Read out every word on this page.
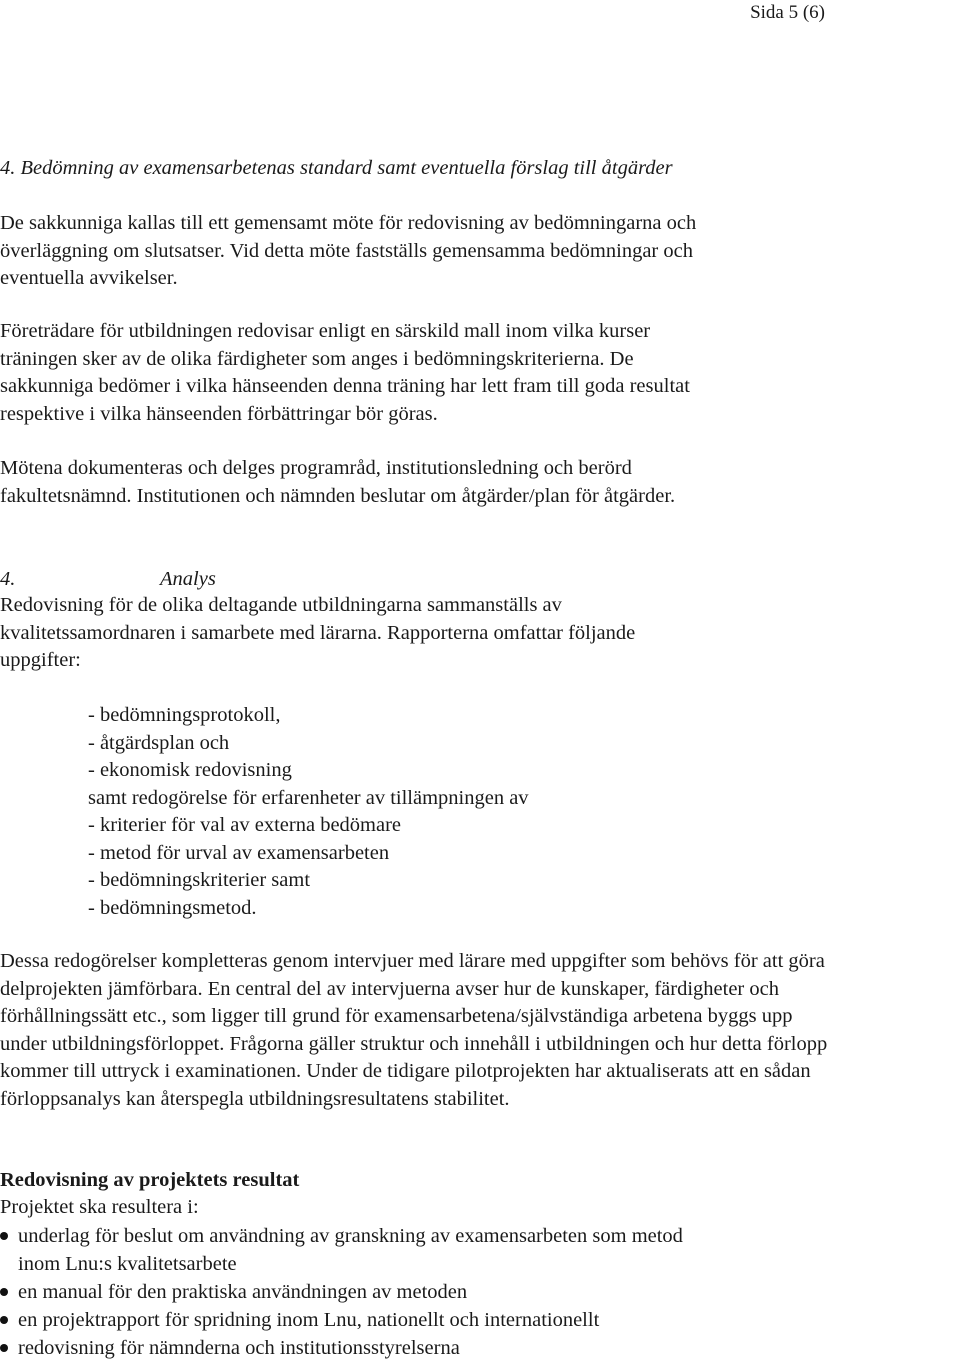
Sida 5 (6)
4. Bedömning av examensarbetenas standard samt eventuella förslag till åtgärder
De sakkunniga kallas till ett gemensamt möte för redovisning av bedömningarna och
överläggning om slutsatser. Vid detta möte fastställs gemensamma bedömningar och
eventuella avvikelser.
Företrädare för utbildningen redovisar enligt en särskild mall inom vilka kurser
träningen sker av de olika färdigheter som anges i bedömningskriterierna. De
sakkunniga bedömer i vilka hänseenden denna träning har lett fram till goda resultat
respektive i vilka hänseenden förbättringar bör göras.
Mötena dokumenteras och delges programråd, institutionsledning och berörd
fakultetsnämnd. Institutionen och nämnden beslutar om åtgärder/plan för åtgärder.
4.	Analys
Redovisning för de olika deltagande utbildningarna sammanställs av
kvalitetssamordnaren i samarbete med lärarna. Rapporterna omfattar följande
uppgifter:
- bedömningsprotokoll,
- åtgärdsplan och
- ekonomisk redovisning
samt redogörelse för erfarenheter av tillämpningen av
- kriterier för val av externa bedömare
- metod för urval av examensarbeten
- bedömningskriterier samt
- bedömningsmetod.
Dessa redogörelser kompletteras genom intervjuer med lärare med uppgifter som behövs för att göra
delprojekten jämförbara. En central del av intervjuerna avser hur de kunskaper, färdigheter och
förhållningssätt etc., som ligger till grund för examensarbetena/självständiga arbetena byggs upp
under utbildningsförloppet. Frågorna gäller struktur och innehåll i utbildningen och hur detta förlopp
kommer till uttryck i examinationen. Under de tidigare pilotprojekten har aktualiserats att en sådan
förloppsanalys kan återspegla utbildningsresultatens stabilitet.
Redovisning av projektets resultat
Projektet ska resultera i:
underlag för beslut om användning av granskning av examensarbeten som metod
inom Lnu:s kvalitetsarbete
en manual för den praktiska användningen av metoden
en projektrapport för spridning inom Lnu, nationellt och internationellt
redovisning för nämnderna och institutionsstyrelserna
